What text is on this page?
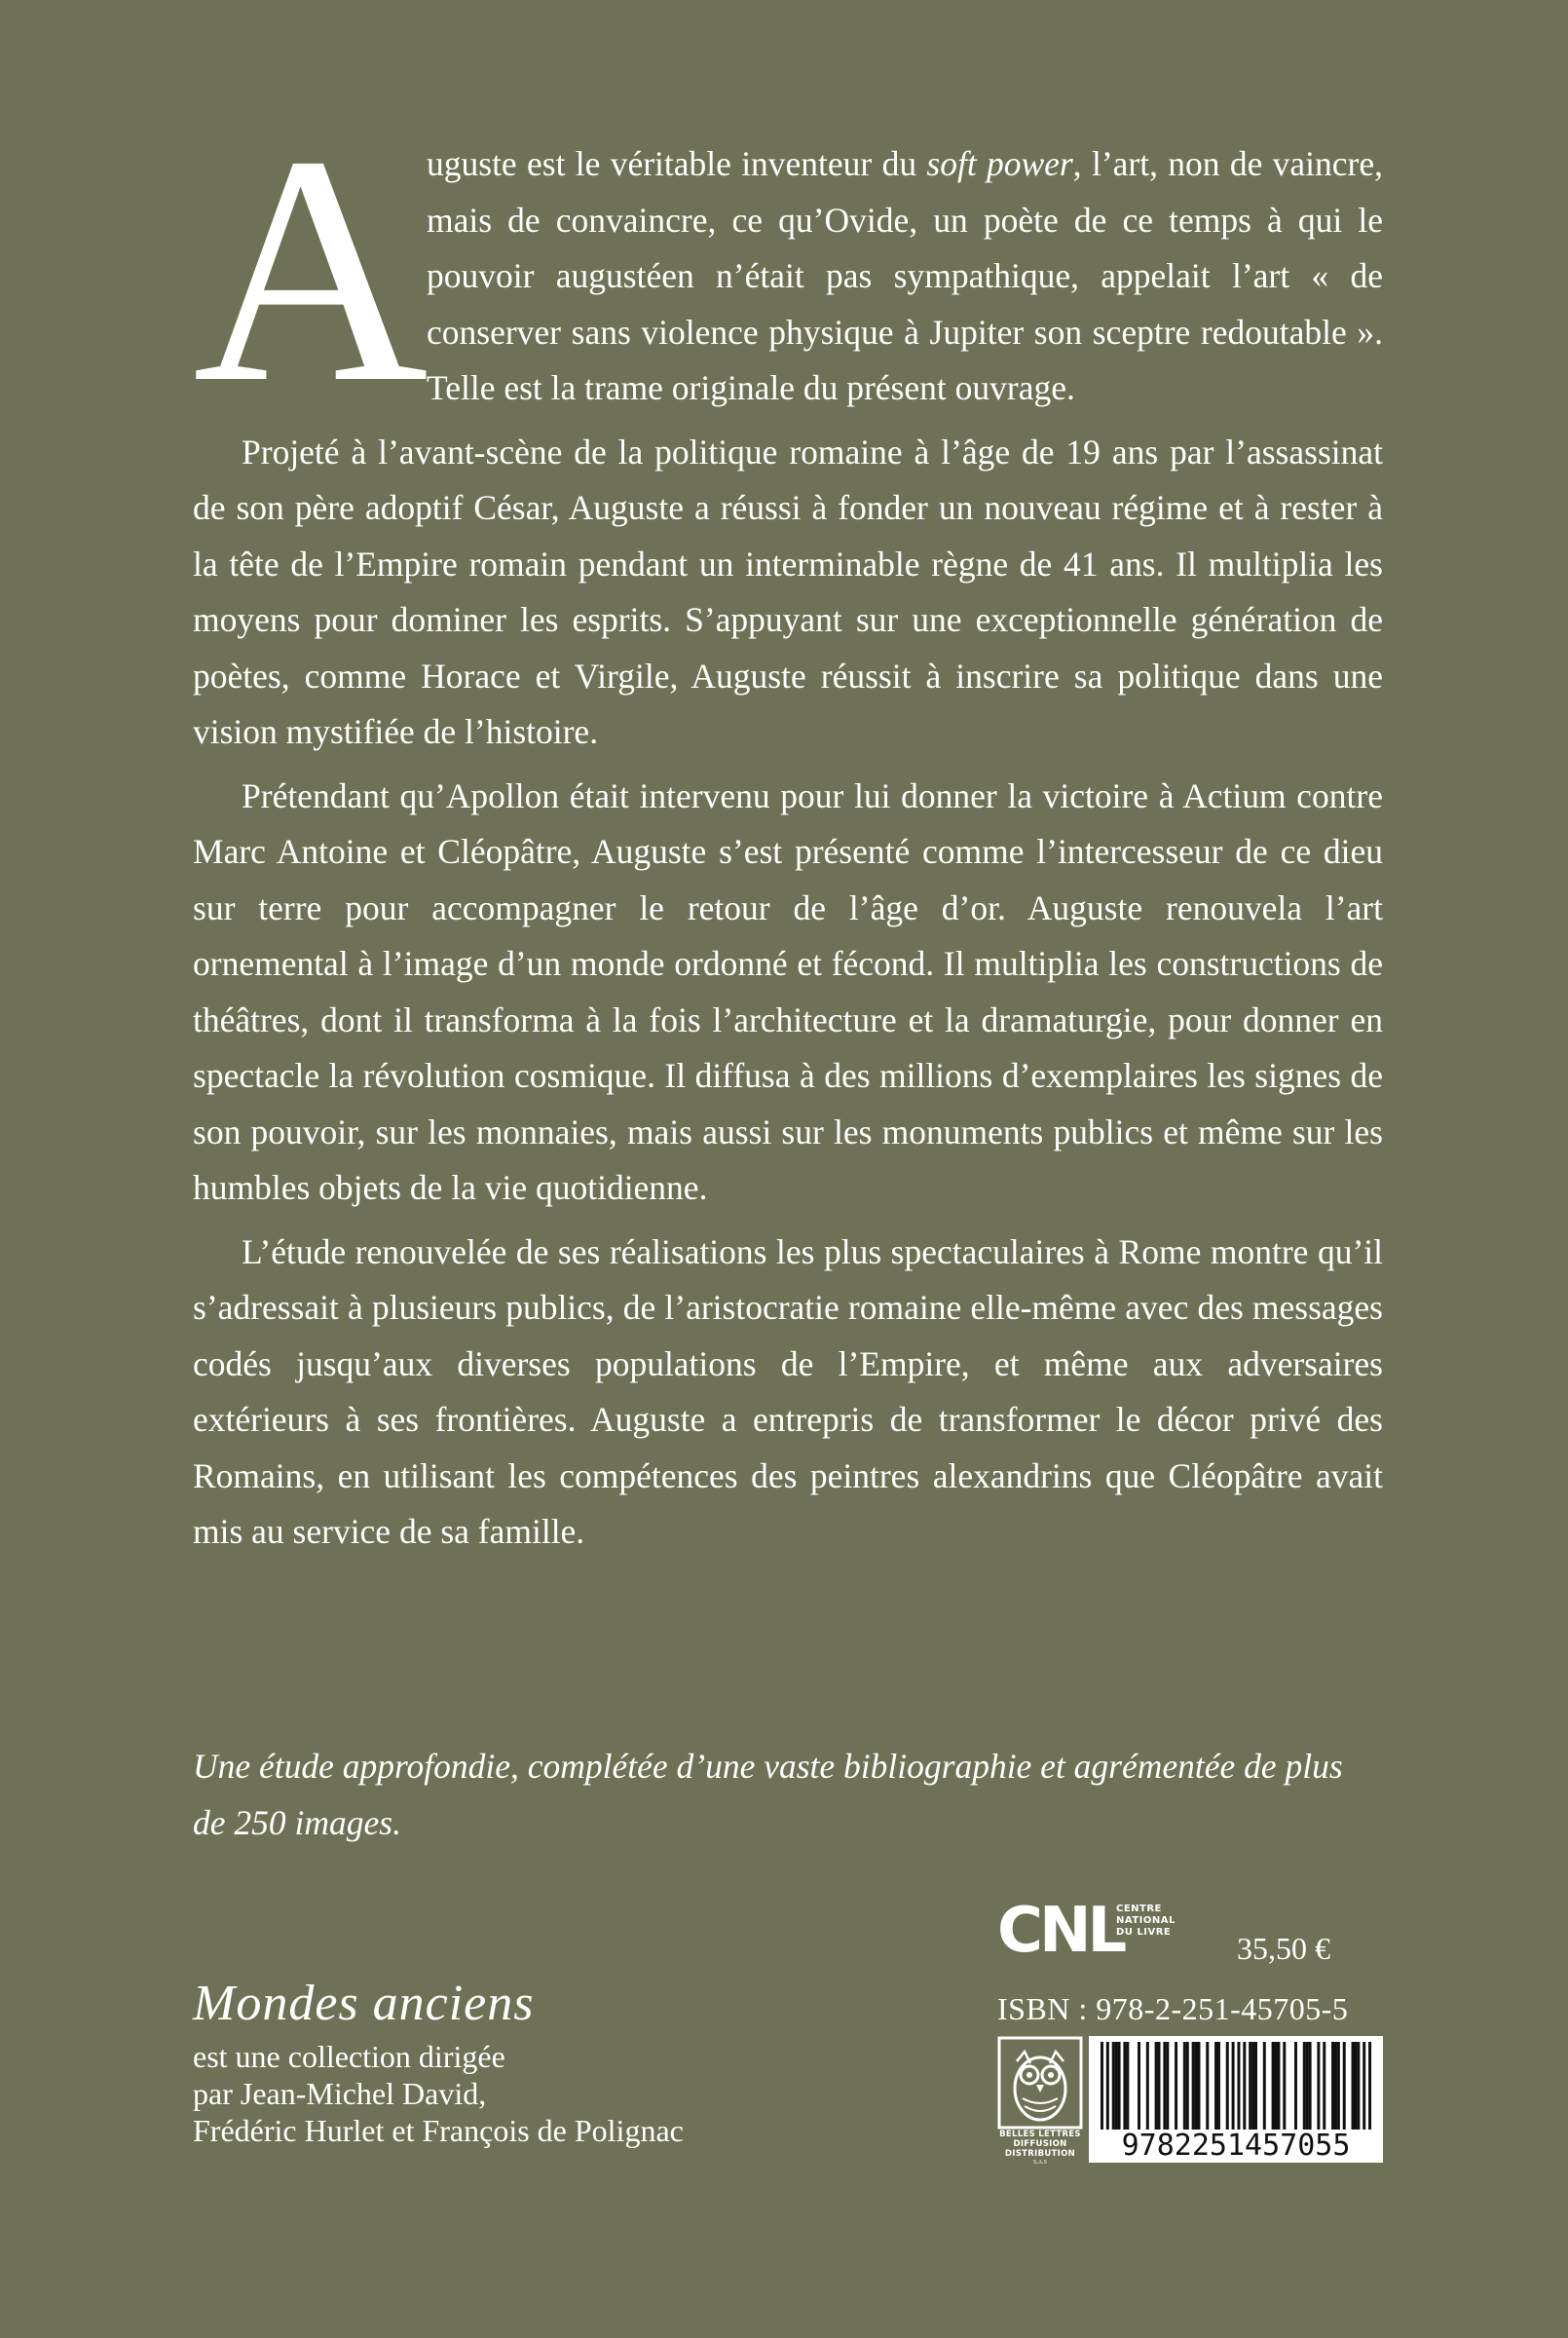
A
uguste est le véritable inventeur du soft power, l’art, non de vaincre, mais de convaincre, ce qu’Ovide, un poète de ce temps à qui le pouvoir augustéen n’était pas sympathique, appelait l’art « de conserver sans violence physique à Jupiter son sceptre redoutable ». Telle est la trame originale du présent ouvrage.

Projeté à l’avant-scène de la politique romaine à l’âge de 19 ans par l’assassinat de son père adoptif César, Auguste a réussi à fonder un nouveau régime et à rester à la tête de l’Empire romain pendant un interminable règne de 41 ans. Il multiplia les moyens pour dominer les esprits. S’appuyant sur une exceptionnelle génération de poètes, comme Horace et Virgile, Auguste réussit à inscrire sa politique dans une vision mystifiée de l’histoire.

Prétendant qu’Apollon était intervenu pour lui donner la victoire à Actium contre Marc Antoine et Cléopâtre, Auguste s’est présenté comme l’intercesseur de ce dieu sur terre pour accompagner le retour de l’âge d’or. Auguste renouvela l’art ornemental à l’image d’un monde ordonné et fécond. Il multiplia les constructions de théâtres, dont il transforma à la fois l’architecture et la dramaturgie, pour donner en spectacle la révolution cosmique. Il diffusa à des millions d’exemplaires les signes de son pouvoir, sur les monnaies, mais aussi sur les monuments publics et même sur les humbles objets de la vie quotidienne.

L’étude renouvelée de ses réalisations les plus spectaculaires à Rome montre qu’il s’adressait à plusieurs publics, de l’aristocratie romaine elle-même avec des messages codés jusqu’aux diverses populations de l’Empire, et même aux adversaires extérieurs à ses frontières. Auguste a entrepris de transformer le décor privé des Romains, en utilisant les compétences des peintres alexandrins que Cléopâtre avait mis au service de sa famille.

Une étude approfondie, complétée d’une vaste bibliographie et agrémentée de plus de 250 images.
Mondes anciens
est une collection dirigée
par Jean-Michel David,
Frédéric Hurlet et François de Polignac
CNL
CENTRE
NATIONAL
DU LIVRE 35,50 €
ISBN : 978-2-251-45705-5
BELLES LETTRES
DIFFUSION
DISTRIBUTION
S.A.S	9782251457055
